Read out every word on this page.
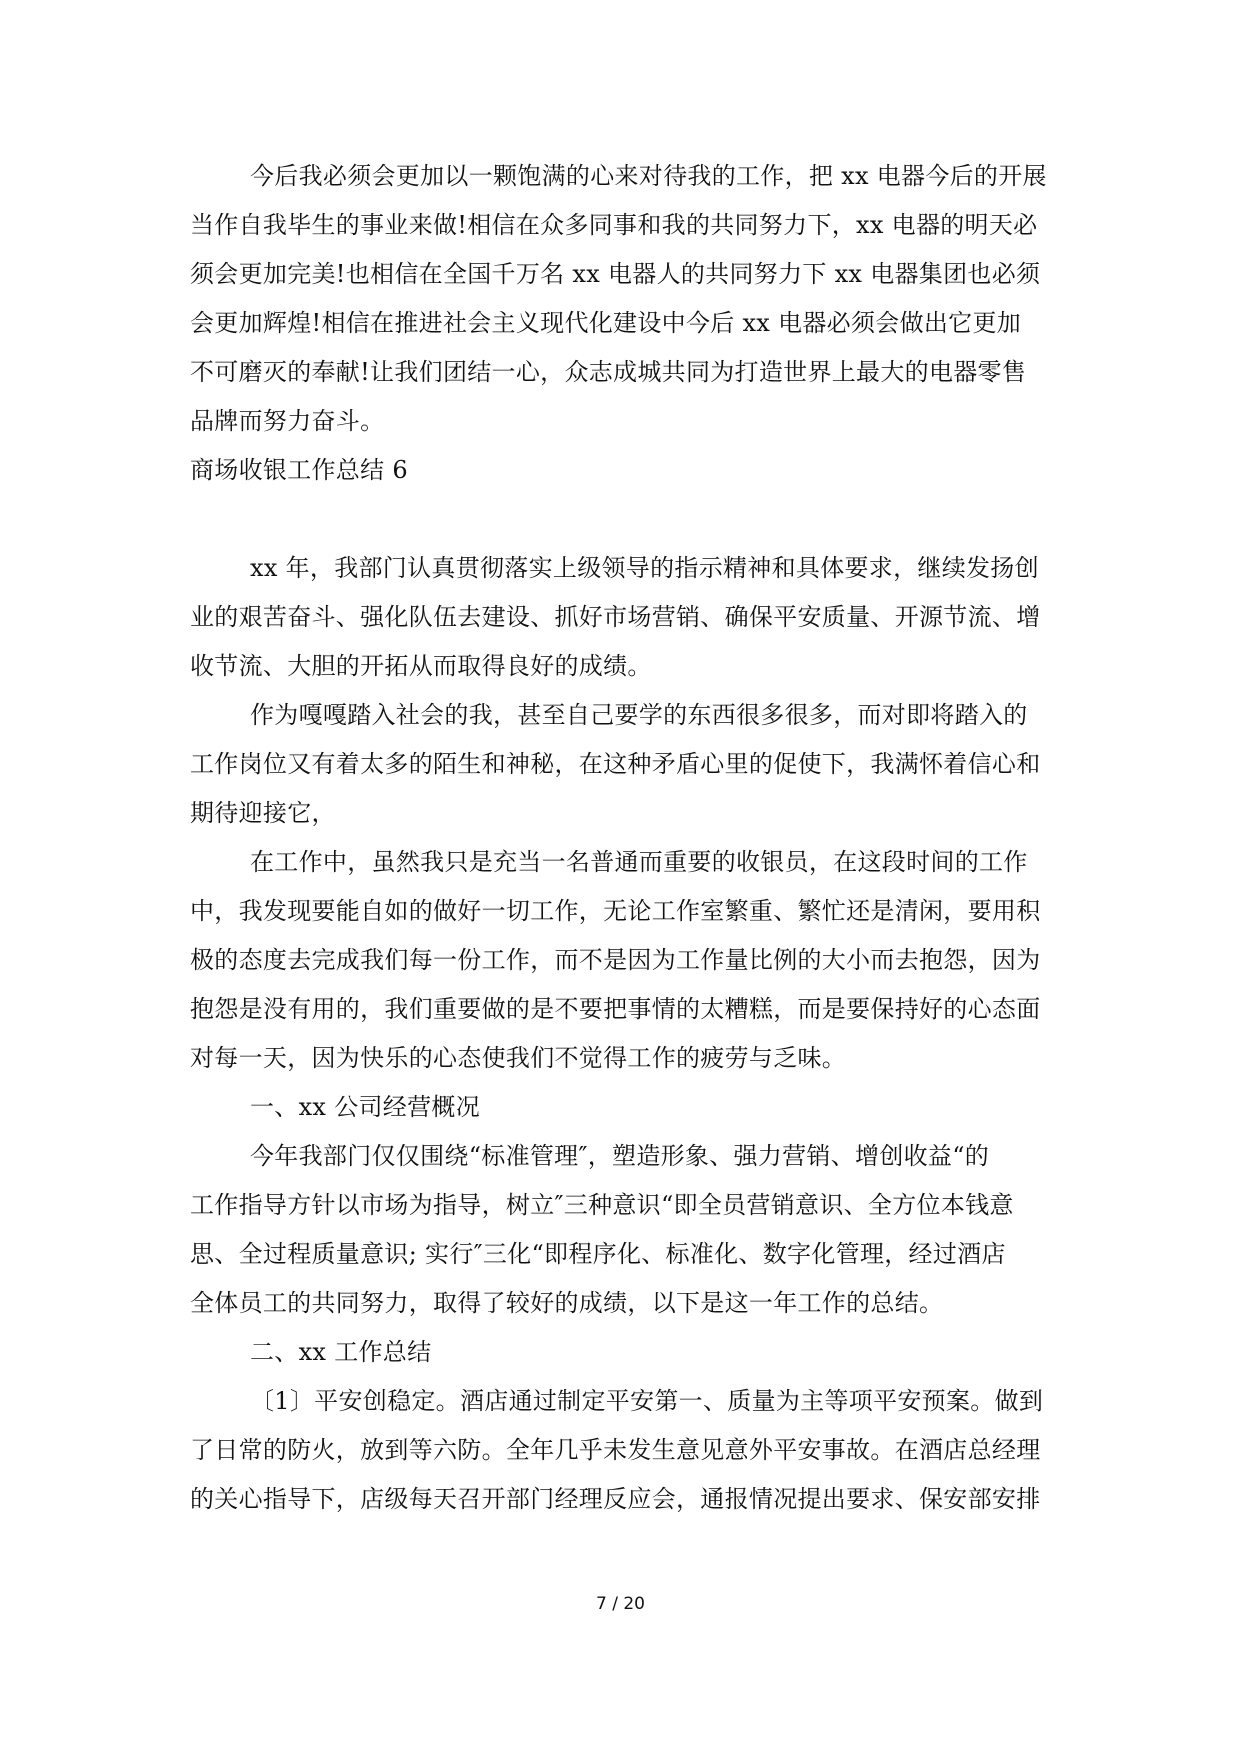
今后我必须会更加以一颗饱满的心来对待我的工作，把 xx 电器今后的开展
当作自我毕生的事业来做!相信在众多同事和我的共同努力下，xx 电器的明天必
须会更加完美!也相信在全国千万名 xx 电器人的共同努力下 xx 电器集团也必须
会更加辉煌!相信在推进社会主义现代化建设中今后 xx 电器必须会做出它更加
不可磨灭的奉献!让我们团结一心，众志成城共同为打造世界上最大的电器零售
品牌而努力奋斗。
商场收银工作总结 6
xx 年，我部门认真贯彻落实上级领导的指示精神和具体要求，继续发扬创
业的艰苦奋斗、强化队伍去建设、抓好市场营销、确保平安质量、开源节流、增
收节流、大胆的开拓从而取得良好的成绩。
作为嘎嘎踏入社会的我，甚至自己要学的东西很多很多，而对即将踏入的
工作岗位又有着太多的陌生和神秘，在这种矛盾心里的促使下，我满怀着信心和
期待迎接它，
在工作中，虽然我只是充当一名普通而重要的收银员，在这段时间的工作
中，我发现要能自如的做好一切工作，无论工作室繁重、繁忙还是清闲，要用积
极的态度去完成我们每一份工作，而不是因为工作量比例的大小而去抱怨，因为
抱怨是没有用的，我们重要做的是不要把事情的太糟糕，而是要保持好的心态面
对每一天，因为快乐的心态使我们不觉得工作的疲劳与乏味。
一、xx 公司经营概况
今年我部门仅仅围绕“标准管理″，塑造形象、强力营销、增创收益“的
工作指导方针以市场为指导，树立″三种意识“即全员营销意识、全方位本钱意
思、全过程质量意识; 实行″三化“即程序化、标准化、数字化管理，经过酒店
全体员工的共同努力，取得了较好的成绩，以下是这一年工作的总结。
二、xx 工作总结
〔1〕平安创稳定。酒店通过制定平安第一、质量为主等项平安预案。做到
了日常的防火，放到等六防。全年几乎未发生意见意外平安事故。在酒店总经理
的关心指导下，店级每天召开部门经理反应会，通报情况提出要求、保安部安排
7 / 20
